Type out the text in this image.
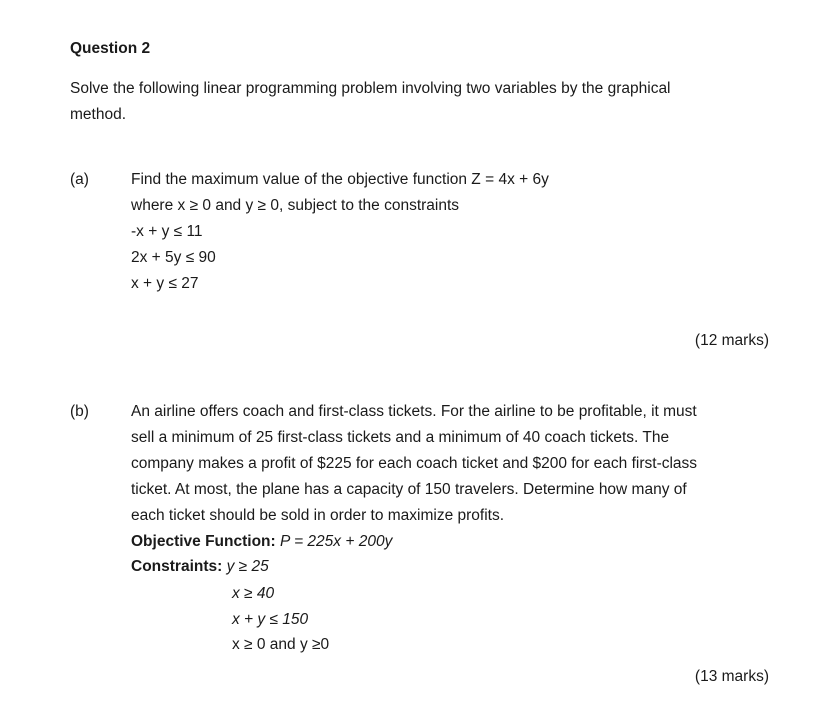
Question 2
Solve the following linear programming problem involving two variables by the graphical
method.
(a)	Find the maximum value of the objective function Z = 4x + 6y
where x ≥ 0 and y ≥ 0, subject to the constraints
-x + y ≤ 11
2x + 5y ≤ 90
x + y ≤ 27
(12 marks)
(b)	An airline offers coach and first-class tickets. For the airline to be profitable, it must
sell a minimum of 25 first-class tickets and a minimum of 40 coach tickets. The
company makes a profit of $225 for each coach ticket and $200 for each first-class
ticket. At most, the plane has a capacity of 150 travelers. Determine how many of
each ticket should be sold in order to maximize profits.
Objective Function: P = 225x + 200y
Constraints: y ≥ 25
x ≥ 40
x + y ≤ 150
x ≥ 0 and y ≥0
(13 marks)
